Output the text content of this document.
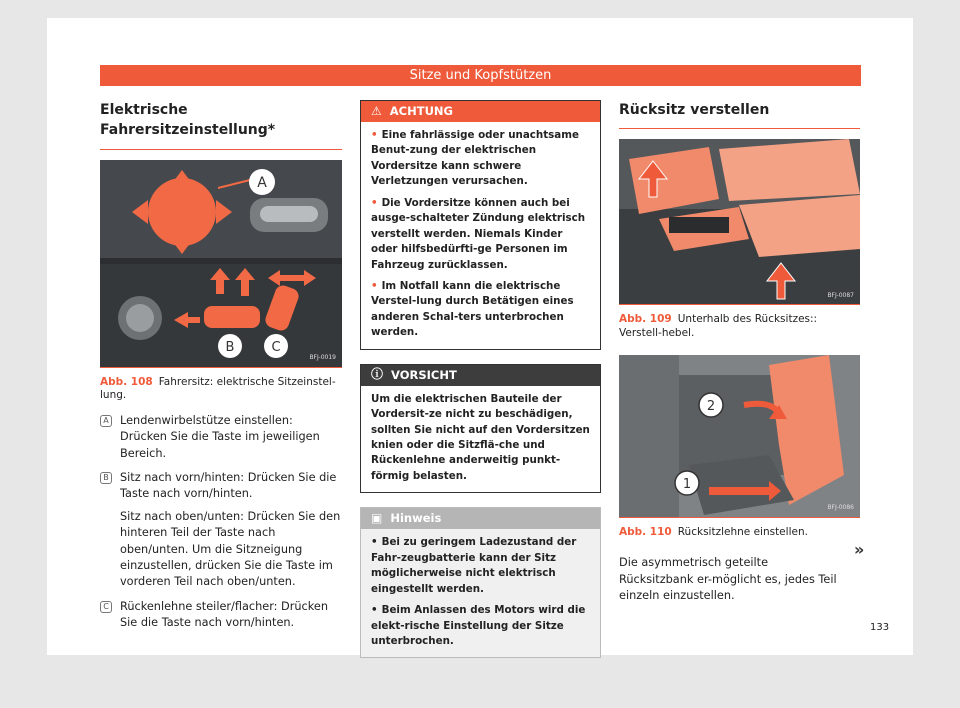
Sitze und Kopfstützen
Elektrische Fahrersitzeinstellung*
A
B	C
BFJ-0019
Abb. 108 Fahrersitz: elektrische Sitzeinstel-lung.
A Lendenwirbelstütze einstellen: Drücken Sie die Taste im jeweiligen Bereich.

B Sitz nach vorn/hinten: Drücken Sie die Taste nach vorn/hinten.

Sitz nach oben/unten: Drücken Sie den hinteren Teil der Taste nach oben/unten. Um die Sitzneigung einzustellen, drücken Sie die Taste im vorderen Teil nach oben/unten.

C Rückenlehne steiler/flacher: Drücken Sie die Taste nach vorn/hinten.

⚠ ACHTUNG
• Eine fahrlässige oder unachtsame Benut-zung der elektrischen Vordersitze kann schwere Verletzungen verursachen.
• Die Vordersitze können auch bei ausge-schalteter Zündung elektrisch verstellt werden. Niemals Kinder oder hilfsbedürfti-ge Personen im Fahrzeug zurücklassen.
• Im Notfall kann die elektrische Verstel-lung durch Betätigen eines anderen Schal-ters unterbrochen werden.
ⓘ VORSICHT
Um die elektrischen Bauteile der Vordersit-ze nicht zu beschädigen, sollten Sie nicht auf den Vordersitzen knien oder die Sitzflä-che und Rückenlehne anderweitig punkt-förmig belasten.
▣ Hinweis
• Bei zu geringem Ladezustand der Fahr-zeugbatterie kann der Sitz möglicherweise nicht elektrisch eingestellt werden.
• Beim Anlassen des Motors wird die elekt-rische Einstellung der Sitze unterbrochen.
Rücksitz verstellen
BFJ-0087
Abb. 109 Unterhalb des Rücksitzes:: Verstell-hebel.
2
1
BFJ-0086
Abb. 110 Rücksitzlehne einstellen.

Die asymmetrisch geteilte Rücksitzbank er-möglicht es, jedes Teil einzeln einzustellen.

»
133
